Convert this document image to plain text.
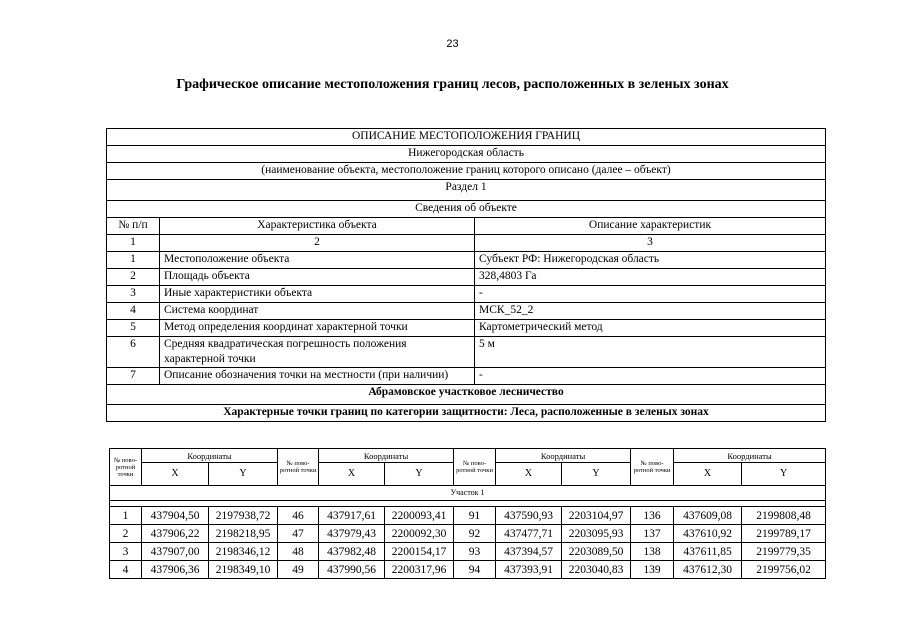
23
Графическое описание местоположения границ лесов, расположенных в зеленых зонах
ОПИСАНИЕ МЕСТОПОЛОЖЕНИЯ ГРАНИЦ		
Нижегородская область		
(наименование объекта, местоположение границ которого описано (далее – объект)		
Раздел 1		
Сведения об объекте		
№ п/п	Характеристика объекта	Описание характеристик
1	2	3
1	Местоположение объекта	Субъект РФ: Нижегородская область
2	Площадь объекта	328,4803 Га
3	Иные характеристики объекта	-
4	Система координат	МСК_52_2
5	Метод определения координат характерной точки	Картометрический метод
6	Средняя квадратическая погрешность положения характерной точки	5 м
7	Описание обозначения точки на местности (при наличии)	-
Абрамовское участковое лесничество		
Характерные точки границ по категории защитности: Леса, расположенные в зеленых зонах		
№ пово-ротной точки	Координаты		№ пово-ротной точки	Координаты		№ пово-ротной точки	Координаты		№ пово-ротной точки	Координаты	
	X	Y		X	Y		X	Y		X	Y
Участок 1											

1	437904,50	2197938,72	46	437917,61	2200093,41	91	437590,93	2203104,97	136	437609,08	2199808,48
2	437906,22	2198218,95	47	437979,43	2200092,30	92	437477,71	2203095,93	137	437610,92	2199789,17
3	437907,00	2198346,12	48	437982,48	2200154,17	93	437394,57	2203089,50	138	437611,85	2199779,35
4	437906,36	2198349,10	49	437990,56	2200317,96	94	437393,91	2203040,83	139	437612,30	2199756,02
